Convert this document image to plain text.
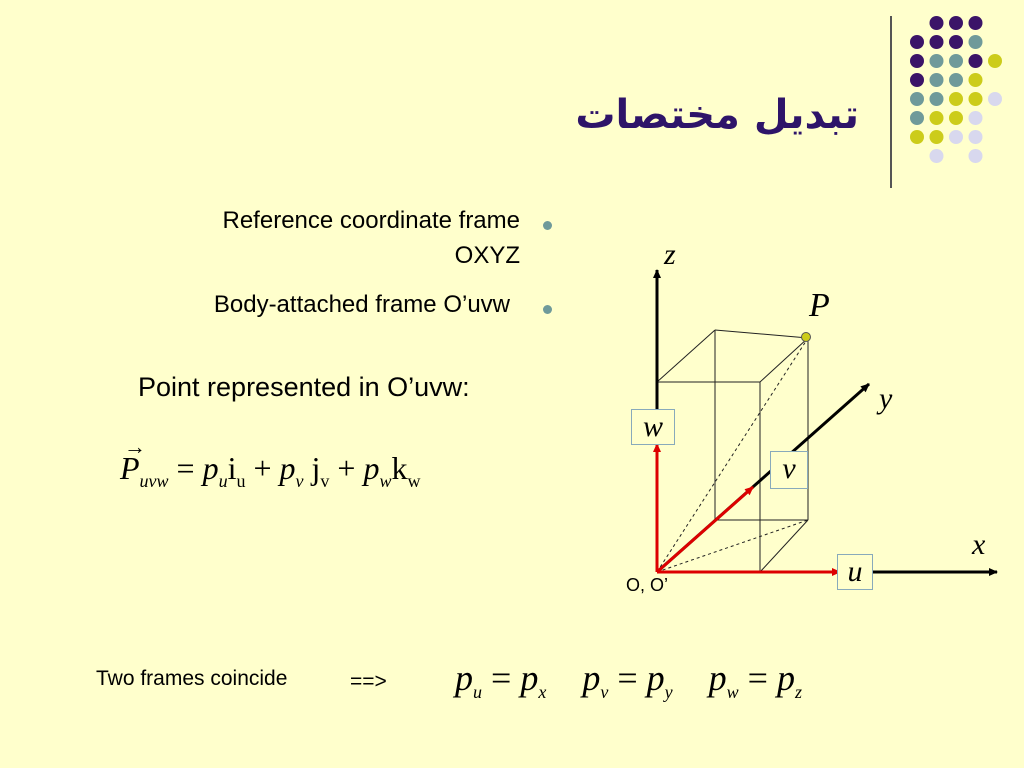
تبديل مختصات
Reference coordinate frame
OXYZ
Body-attached frame O’uvw
Point represented in O’uvw:
→
$P_{uvw} = p_ui_u + p_v$ $j_v + p_wk_w$
Two frames coincide	==> $p_u = p_x$ $p_v = p_y$ $p_w = p_z$
z
y
x
P
w
v
u
O, O’
